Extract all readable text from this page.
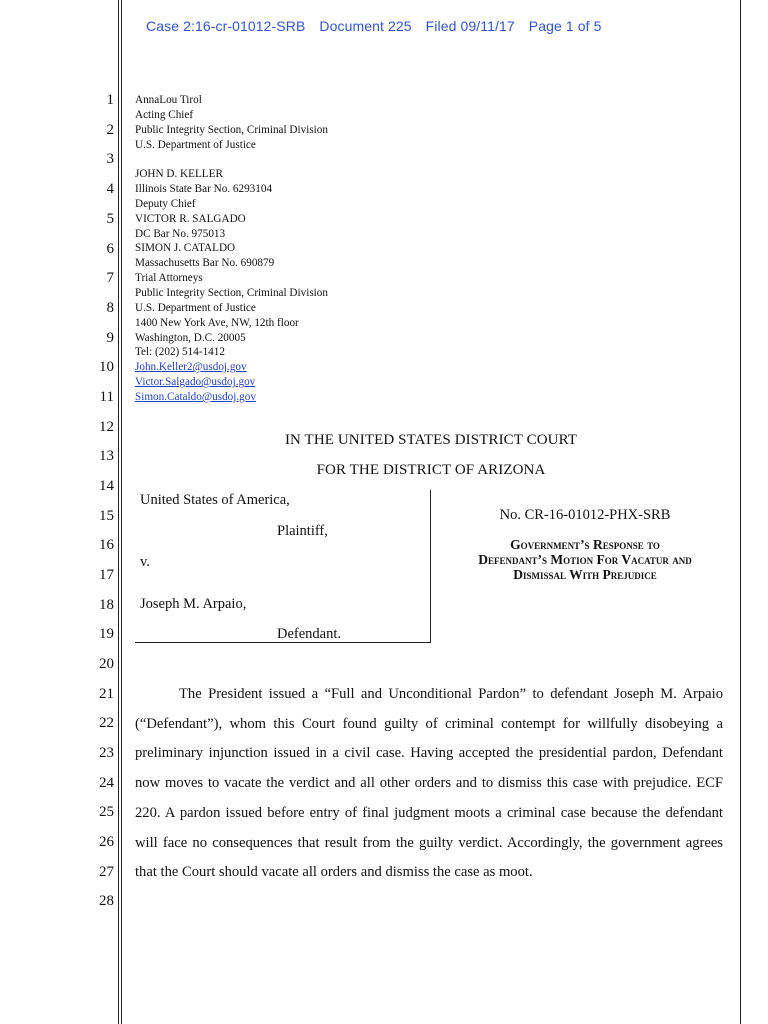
Case 2:16-cr-01012-SRB Document 225 Filed 09/11/17 Page 1 of 5
1
2
3
4
5
6
7
8
9
10
11
12
13
14
15
16
17
18
19
20
21
22
23
24
25
26
27
28
AnnaLou Tirol
Acting Chief
Public Integrity Section, Criminal Division
U.S. Department of Justice

JOHN D. KELLER
Illinois State Bar No. 6293104
Deputy Chief
VICTOR R. SALGADO
DC Bar No. 975013
SIMON J. CATALDO
Massachusetts Bar No. 690879
Trial Attorneys
Public Integrity Section, Criminal Division
U.S. Department of Justice
1400 New York Ave, NW, 12th floor
Washington, D.C. 20005
Tel: (202) 514-1412
John.Keller2@usdoj.gov
Victor.Salgado@usdoj.gov
Simon.Cataldo@usdoj.gov
IN THE UNITED STATES DISTRICT COURT
FOR THE DISTRICT OF ARIZONA
United States of America,
Plaintiff,
v.
Joseph M. Arpaio,
Defendant.
No. CR-16-01012-PHX-SRB
Government’s Response to
Defendant’s Motion For Vacatur and
Dismissal With Prejudice
The President issued a “Full and Unconditional Pardon” to defendant Joseph M. Arpaio (“Defendant”), whom this Court found guilty of criminal contempt for willfully disobeying a preliminary injunction issued in a civil case. Having accepted the presidential pardon, Defendant now moves to vacate the verdict and all other orders and to dismiss this case with prejudice. ECF 220. A pardon issued before entry of final judgment moots a criminal case because the defendant will face no consequences that result from the guilty verdict. Accordingly, the government agrees that the Court should vacate all orders and dismiss the case as moot.
